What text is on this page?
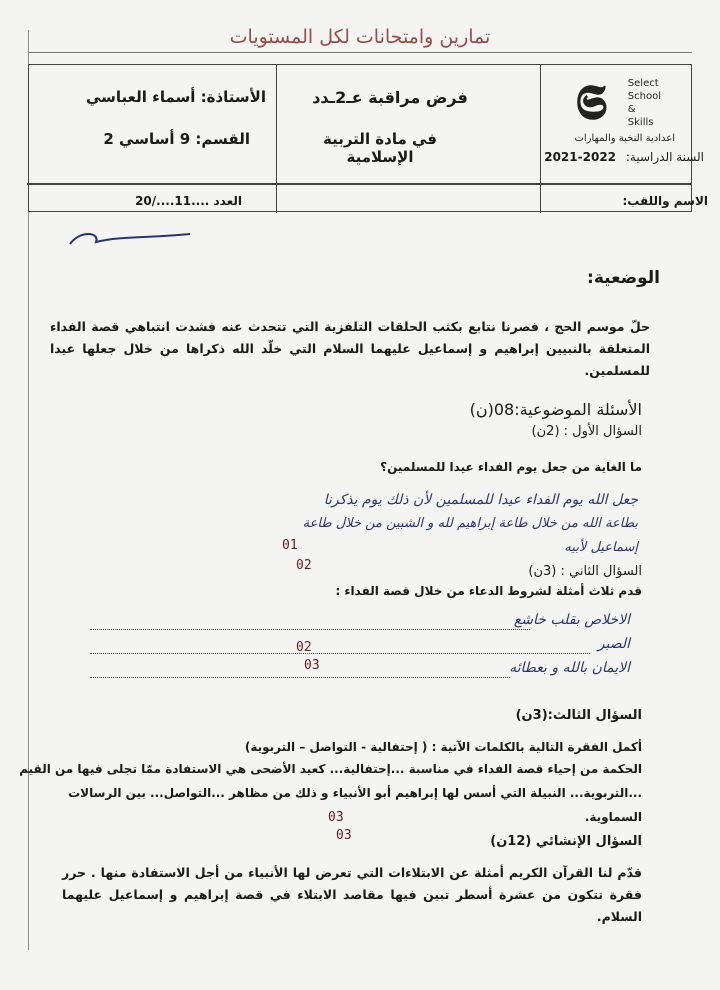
تمارين وامتحانات لكل المستويات
𝕾 Select
School
&
Skills
اعدادية النخبة والمهارات
السنة الدراسية: 2022-2021
فرض مراقبة عـ2ـدد
في مادة التربية الإسلامية
الأستاذة: أسماء العباسي
القسم: 9 أساسي 2
الاسم واللقب:
العدد ....11..../20
الوضعية:
حلّ موسم الحج ، فصرنا نتابع بكثب الحلقات التلفزية التي تتحدث عنه فشدت انتباهي قصة الفداء المتعلقة بالنبيين إبراهيم و إسماعيل عليهما السلام التي خلّد الله ذكراها من خلال جعلها عيدا للمسلمين.
الأسئلة الموضوعية:08(ن)
السؤال الأول : (2ن)
ما الغاية من جعل يوم الفداء عيدا للمسلمين؟
جعل الله يوم الفداء عيدا للمسلمين لأن ذلك يوم يذكرنا
بطاعة الله من خلال طاعة إبراهيم لله و الشبين من خلال طاعة
إسماعيل لأبيه
01
02	السؤال الثاني : (3ن)
قدم ثلاث أمثلة لشروط الدعاء من خلال قصة الفداء :
الاخلاص بقلب خاشع
الصبر
الايمان بالله و بعطائه
02
03
السؤال الثالث:(3ن)
أكمل الفقرة التالية بالكلمات الآتية : ( إحتفالية - التواصل – التربوية)
الحكمة من إحياء قصة الفداء في مناسبة ...إحتفالية... كعيد الأضحى هي الاستفادة ممّا تجلى فيها من القيم
...التربوية... النبيلة التي أسس لها إبراهيم أبو الأنبياء و ذلك من مظاهر ...التواصل... بين الرسالات
السماوية.
03
03	السؤال الإنشائي (12ن)
قدّم لنا القرآن الكريم أمثلة عن الابتلاءات التي تعرض لها الأنبياء من أجل الاستفادة منها . حرر فقرة تتكون من عشرة أسطر تبين فيها مقاصد الابتلاء في قصة إبراهيم و إسماعيل عليهما السلام.
